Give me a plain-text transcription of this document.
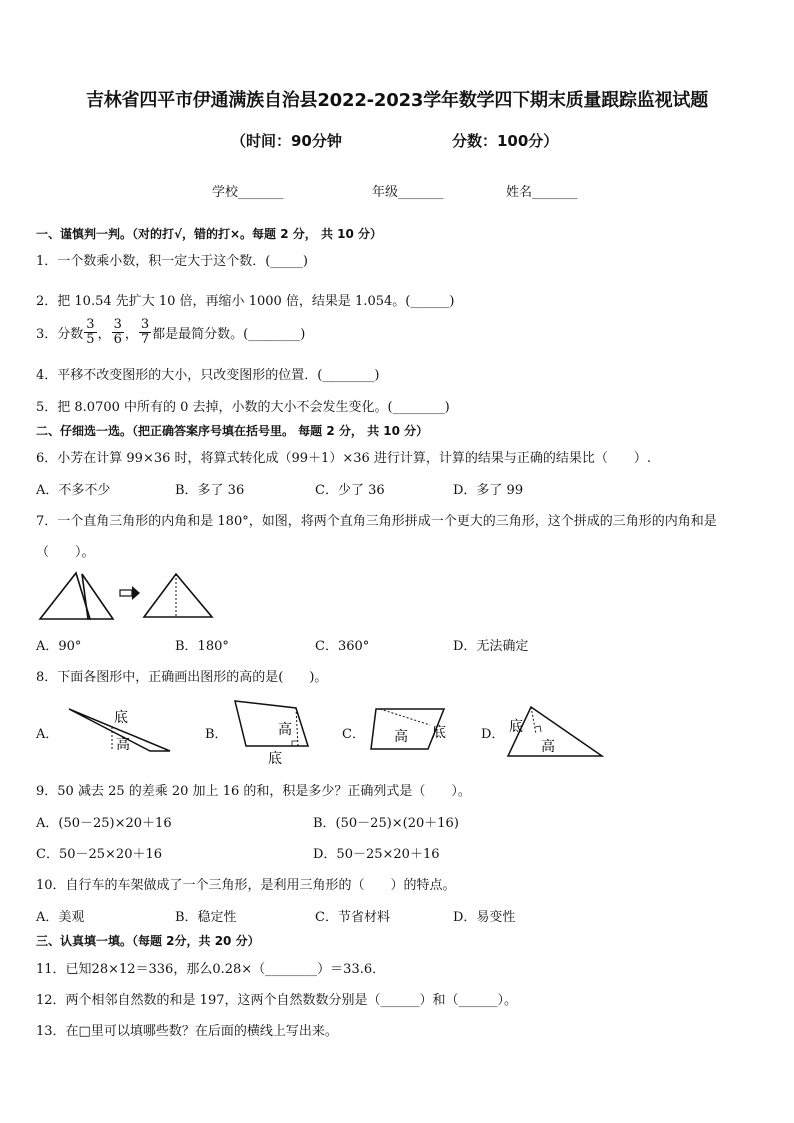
吉林省四平市伊通满族自治县2022-2023学年数学四下期末质量跟踪监视试题
（时间：90分钟	分数：100分）
学校_______	年级_______	姓名_______
一、谨慎判一判。（对的打√，错的打×。每题 2 分， 共 10 分）
1．一个数乘小数，积一定大于这个数．(_____)
2．把 10.54 先扩大 10 倍，再缩小 1000 倍，结果是 1.054。(______)
3．分数 $\frac{3}{5}$ ， $\frac{3}{6}$ ， $\frac{3}{7}$ 都是最简分数。(________)
4．平移不改变图形的大小，只改变图形的位置．(________)
5．把 8.0700 中所有的 0 去掉，小数的大小不会发生变化。(________)
二、仔细选一选。（把正确答案序号填在括号里。 每题 2 分， 共 10 分）
6．小芳在计算 99×36 时，将算式转化成（99＋1）×36 进行计算，计算的结果与正确的结果比（　　）.
A．不多不少	B．多了 36	C．少了 36	D．多了 99
7．一个直角三角形的内角和是 180°，如图，将两个直角三角形拼成一个更大的三角形，这个拼成的三角形的内角和是
（　　）。
A．90°	B．180°	C．360°	D．无法确定
8．下面各图形中，正确画出图形的高的是(　　)。
A．
底
高
B．	高
底
C． 高 底	D． 底
高
9．50 减去 25 的差乘 20 加上 16 的和，积是多少？正确列式是（　　）。
A．(50－25)×20＋16	B．(50－25)×(20＋16)
C．50－25×20＋16	D．50－25×20＋16
10．自行车的车架做成了一个三角形，是利用三角形的（　　）的特点。
A．美观	B．稳定性	C．节省材料	D．易变性
三、认真填一填。（每题 2分，共 20 分）
11．已知28×12＝336，那么0.28×（________）＝33.6．
12．两个相邻自然数的和是 197，这两个自然数数分别是（______）和（______）。
13．在□里可以填哪些数？在后面的横线上写出来。
